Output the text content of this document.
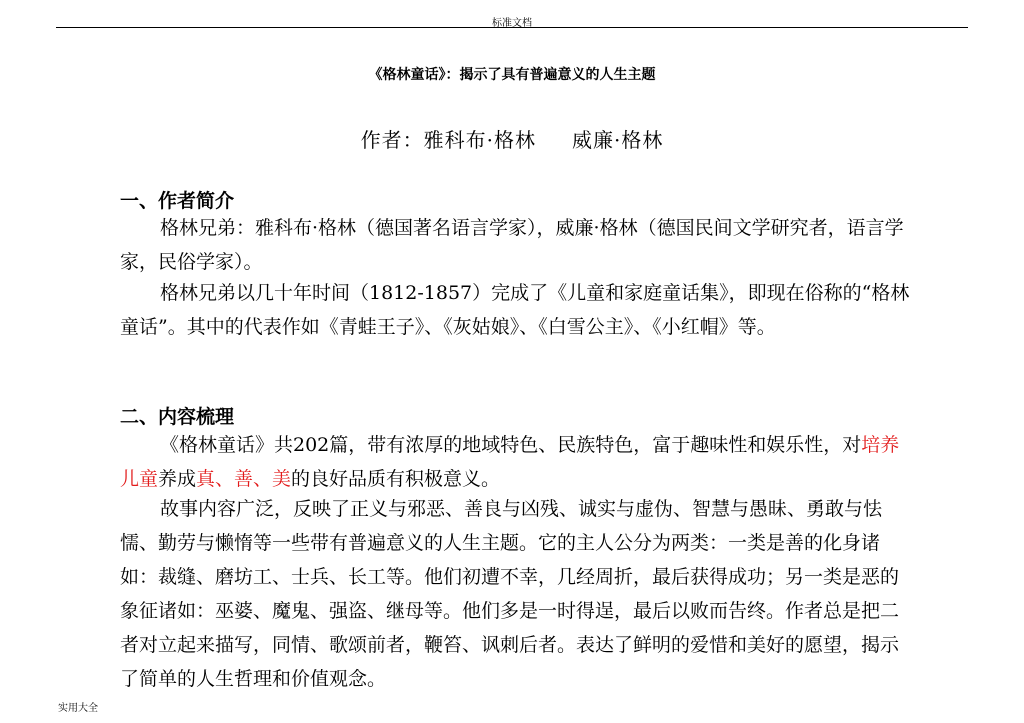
标准文档
《格林童话》：揭示了具有普遍意义的人生主题
作者：雅科布·格林 威廉·格林
一、作者简介

格林兄弟：雅科布·格林（德国著名语言学家），威廉·格林（德国民间文学研究者，语言学家，民俗学家）。

格林兄弟以几十年时间（1812-1857）完成了《儿童和家庭童话集》，即现在俗称的“格林童话”。其中的代表作如《青蛙王子》、《灰姑娘》、《白雪公主》、《小红帽》等。

二、内容梳理

《格林童话》共202篇，带有浓厚的地域特色、民族特色，富于趣味性和娱乐性，对培养儿童养成真、善、美的良好品质有积极意义。

故事内容广泛，反映了正义与邪恶、善良与凶残、诚实与虚伪、智慧与愚昧、勇敢与怯懦、勤劳与懒惰等一些带有普遍意义的人生主题。它的主人公分为两类：一类是善的化身诸如：裁缝、磨坊工、士兵、长工等。他们初遭不幸，几经周折，最后获得成功；另一类是恶的象征诸如：巫婆、魔鬼、强盗、继母等。他们多是一时得逞，最后以败而告终。作者总是把二者对立起来描写，同情、歌颂前者，鞭笞、讽刺后者。表达了鲜明的爱惜和美好的愿望，揭示了简单的人生哲理和价值观念。

实用大全
